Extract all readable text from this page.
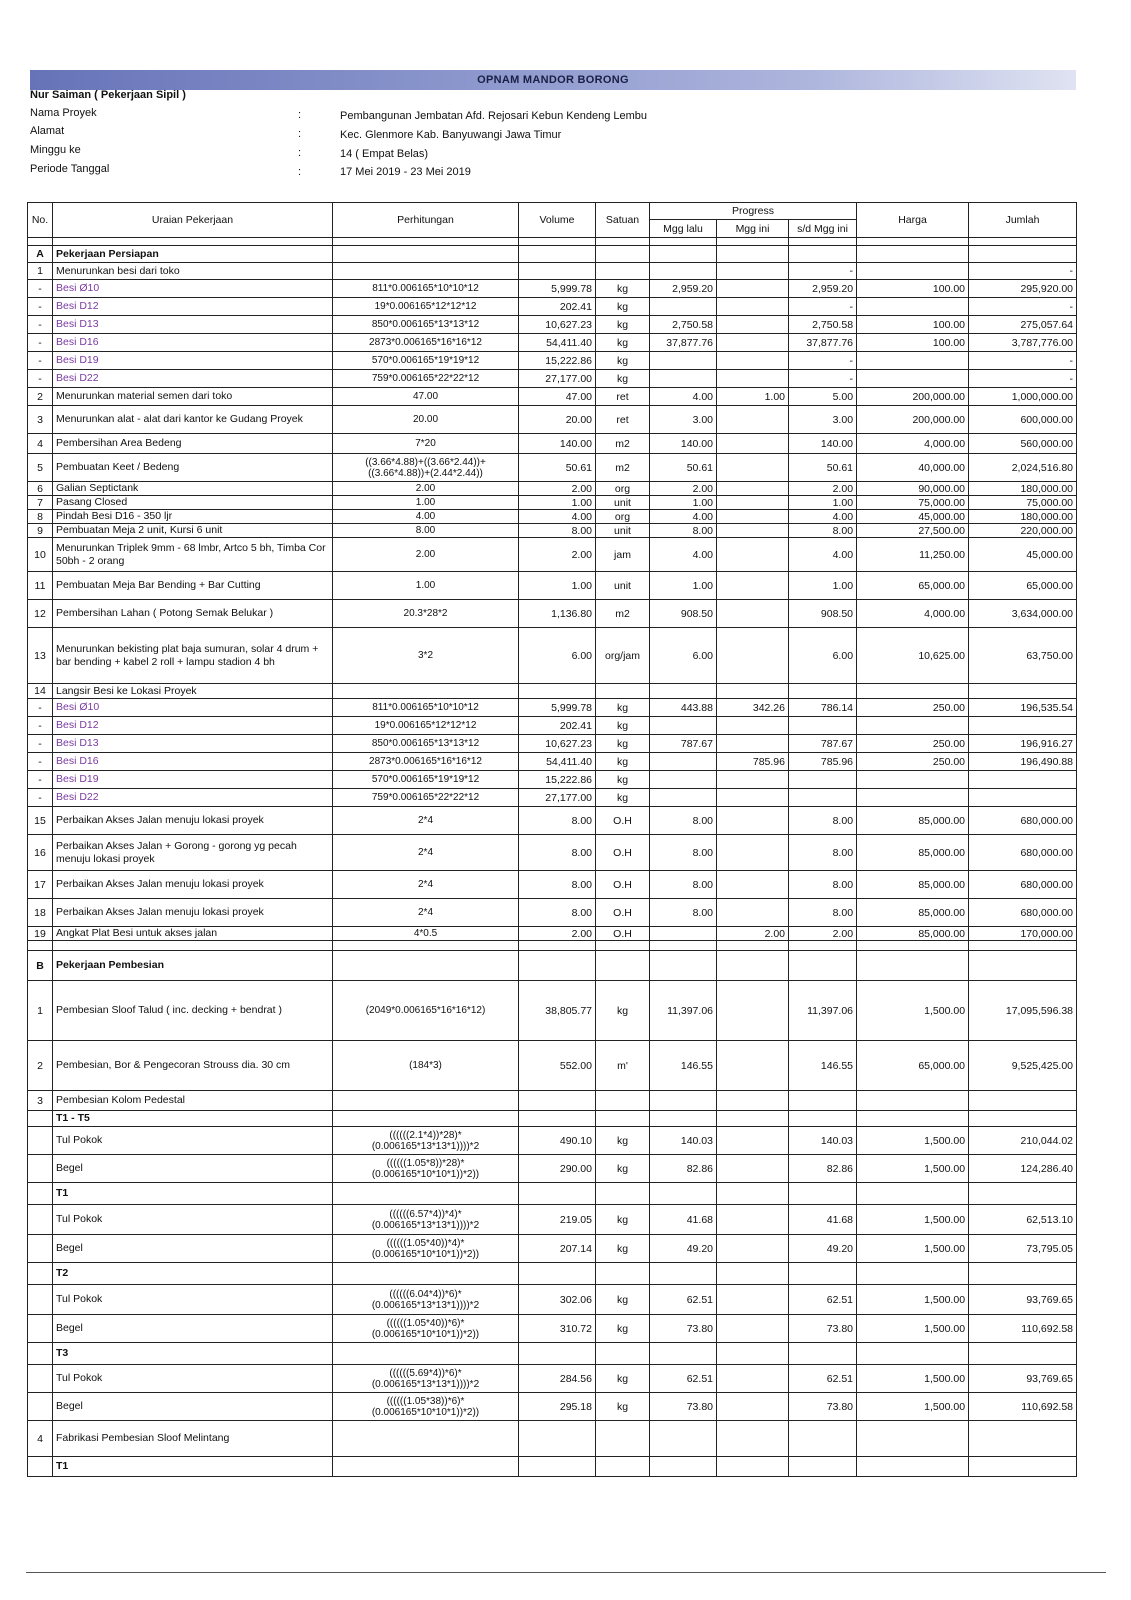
OPNAM MANDOR BORONG
Nur Saiman ( Pekerjaan Sipil )
Nama Proyek	:	Pembangunan Jembatan Afd. Rejosari Kebun Kendeng Lembu
Alamat	:	Kec. Glenmore Kab. Banyuwangi Jawa Timur
Minggu ke	:	14 ( Empat Belas)
Periode Tanggal	:	17 Mei 2019 - 23 Mei 2019
No.	Uraian Pekerjaan	Perhitungan	Volume	Satuan	Progress			Harga	Jumlah
					Mgg lalu	Mgg ini	s/d Mgg ini		

A	Pekerjaan Persiapan								
1	Menurunkan besi dari toko						-		-
-	Besi Ø10	811*0.006165*10*10*12	5,999.78	kg	2,959.20		2,959.20	100.00	295,920.00
-	Besi D12	19*0.006165*12*12*12	202.41	kg			-		-
-	Besi D13	850*0.006165*13*13*12	10,627.23	kg	2,750.58		2,750.58	100.00	275,057.64
-	Besi D16	2873*0.006165*16*16*12	54,411.40	kg	37,877.76		37,877.76	100.00	3,787,776.00
-	Besi D19	570*0.006165*19*19*12	15,222.86	kg			-		-
-	Besi D22	759*0.006165*22*22*12	27,177.00	kg			-		-
2	Menurunkan material semen dari toko	47.00	47.00	ret	4.00	1.00	5.00	200,000.00	1,000,000.00
3	Menurunkan alat - alat dari kantor ke Gudang Proyek	20.00	20.00	ret	3.00		3.00	200,000.00	600,000.00
4	Pembersihan Area Bedeng	7*20	140.00	m2	140.00		140.00	4,000.00	560,000.00
5	Pembuatan Keet / Bedeng	((3.66*4.88)+((3.66*2.44))+((3.66*4.88))+(2.44*2.44))	50.61	m2	50.61		50.61	40,000.00	2,024,516.80
6	Galian Septictank	2.00	2.00	org	2.00		2.00	90,000.00	180,000.00
7	Pasang Closed	1.00	1.00	unit	1.00		1.00	75,000.00	75,000.00
8	Pindah Besi D16 - 350 ljr	4.00	4.00	org	4.00		4.00	45,000.00	180,000.00
9	Pembuatan Meja 2 unit, Kursi 6 unit	8.00	8.00	unit	8.00		8.00	27,500.00	220,000.00
10	Menurunkan Triplek 9mm - 68 lmbr, Artco 5 bh, Timba Cor 50bh - 2 orang	2.00	2.00	jam	4.00		4.00	11,250.00	45,000.00
11	Pembuatan Meja Bar Bending + Bar Cutting	1.00	1.00	unit	1.00		1.00	65,000.00	65,000.00
12	Pembersihan Lahan ( Potong Semak Belukar )	20.3*28*2	1,136.80	m2	908.50		908.50	4,000.00	3,634,000.00
13	Menurunkan bekisting plat baja sumuran, solar 4 drum + bar bending + kabel 2 roll + lampu stadion 4 bh	3*2	6.00	org/jam	6.00		6.00	10,625.00	63,750.00
14	Langsir Besi ke Lokasi Proyek								
-	Besi Ø10	811*0.006165*10*10*12	5,999.78	kg	443.88	342.26	786.14	250.00	196,535.54
-	Besi D12	19*0.006165*12*12*12	202.41	kg					
-	Besi D13	850*0.006165*13*13*12	10,627.23	kg	787.67		787.67	250.00	196,916.27
-	Besi D16	2873*0.006165*16*16*12	54,411.40	kg		785.96	785.96	250.00	196,490.88
-	Besi D19	570*0.006165*19*19*12	15,222.86	kg					
-	Besi D22	759*0.006165*22*22*12	27,177.00	kg					
15	Perbaikan Akses Jalan menuju lokasi proyek	2*4	8.00	O.H	8.00		8.00	85,000.00	680,000.00
16	Perbaikan Akses Jalan + Gorong - gorong yg pecah menuju lokasi proyek	2*4	8.00	O.H	8.00		8.00	85,000.00	680,000.00
17	Perbaikan Akses Jalan menuju lokasi proyek	2*4	8.00	O.H	8.00		8.00	85,000.00	680,000.00
18	Perbaikan Akses Jalan menuju lokasi proyek	2*4	8.00	O.H	8.00		8.00	85,000.00	680,000.00
19	Angkat Plat Besi untuk akses jalan	4*0.5	2.00	O.H		2.00	2.00	85,000.00	170,000.00

B	Pekerjaan Pembesian								
1	Pembesian Sloof Talud ( inc. decking + bendrat )	(2049*0.006165*16*16*12)	38,805.77	kg	11,397.06		11,397.06	1,500.00	17,095,596.38
2	Pembesian, Bor & Pengecoran Strouss dia. 30 cm	(184*3)	552.00	m'	146.55		146.55	65,000.00	9,525,425.00
3	Pembesian Kolom Pedestal								
	T1 - T5								
	Tul Pokok	((((((2.1*4))*28)*(0.006165*13*13*1))))*2	490.10	kg	140.03		140.03	1,500.00	210,044.02
	Begel	((((((1.05*8))*28)*(0.006165*10*10*1))*2))	290.00	kg	82.86		82.86	1,500.00	124,286.40
	T1								
	Tul Pokok	((((((6.57*4))*4)*(0.006165*13*13*1))))*2	219.05	kg	41.68		41.68	1,500.00	62,513.10
	Begel	((((((1.05*40))*4)*(0.006165*10*10*1))*2))	207.14	kg	49.20		49.20	1,500.00	73,795.05
	T2								
	Tul Pokok	((((((6.04*4))*6)*(0.006165*13*13*1))))*2	302.06	kg	62.51		62.51	1,500.00	93,769.65
	Begel	((((((1.05*40))*6)*(0.006165*10*10*1))*2))	310.72	kg	73.80		73.80	1,500.00	110,692.58
	T3								
	Tul Pokok	((((((5.69*4))*6)*(0.006165*13*13*1))))*2	284.56	kg	62.51		62.51	1,500.00	93,769.65
	Begel	((((((1.05*38))*6)*(0.006165*10*10*1))*2))	295.18	kg	73.80		73.80	1,500.00	110,692.58
4	Fabrikasi Pembesian Sloof Melintang								
	T1								
